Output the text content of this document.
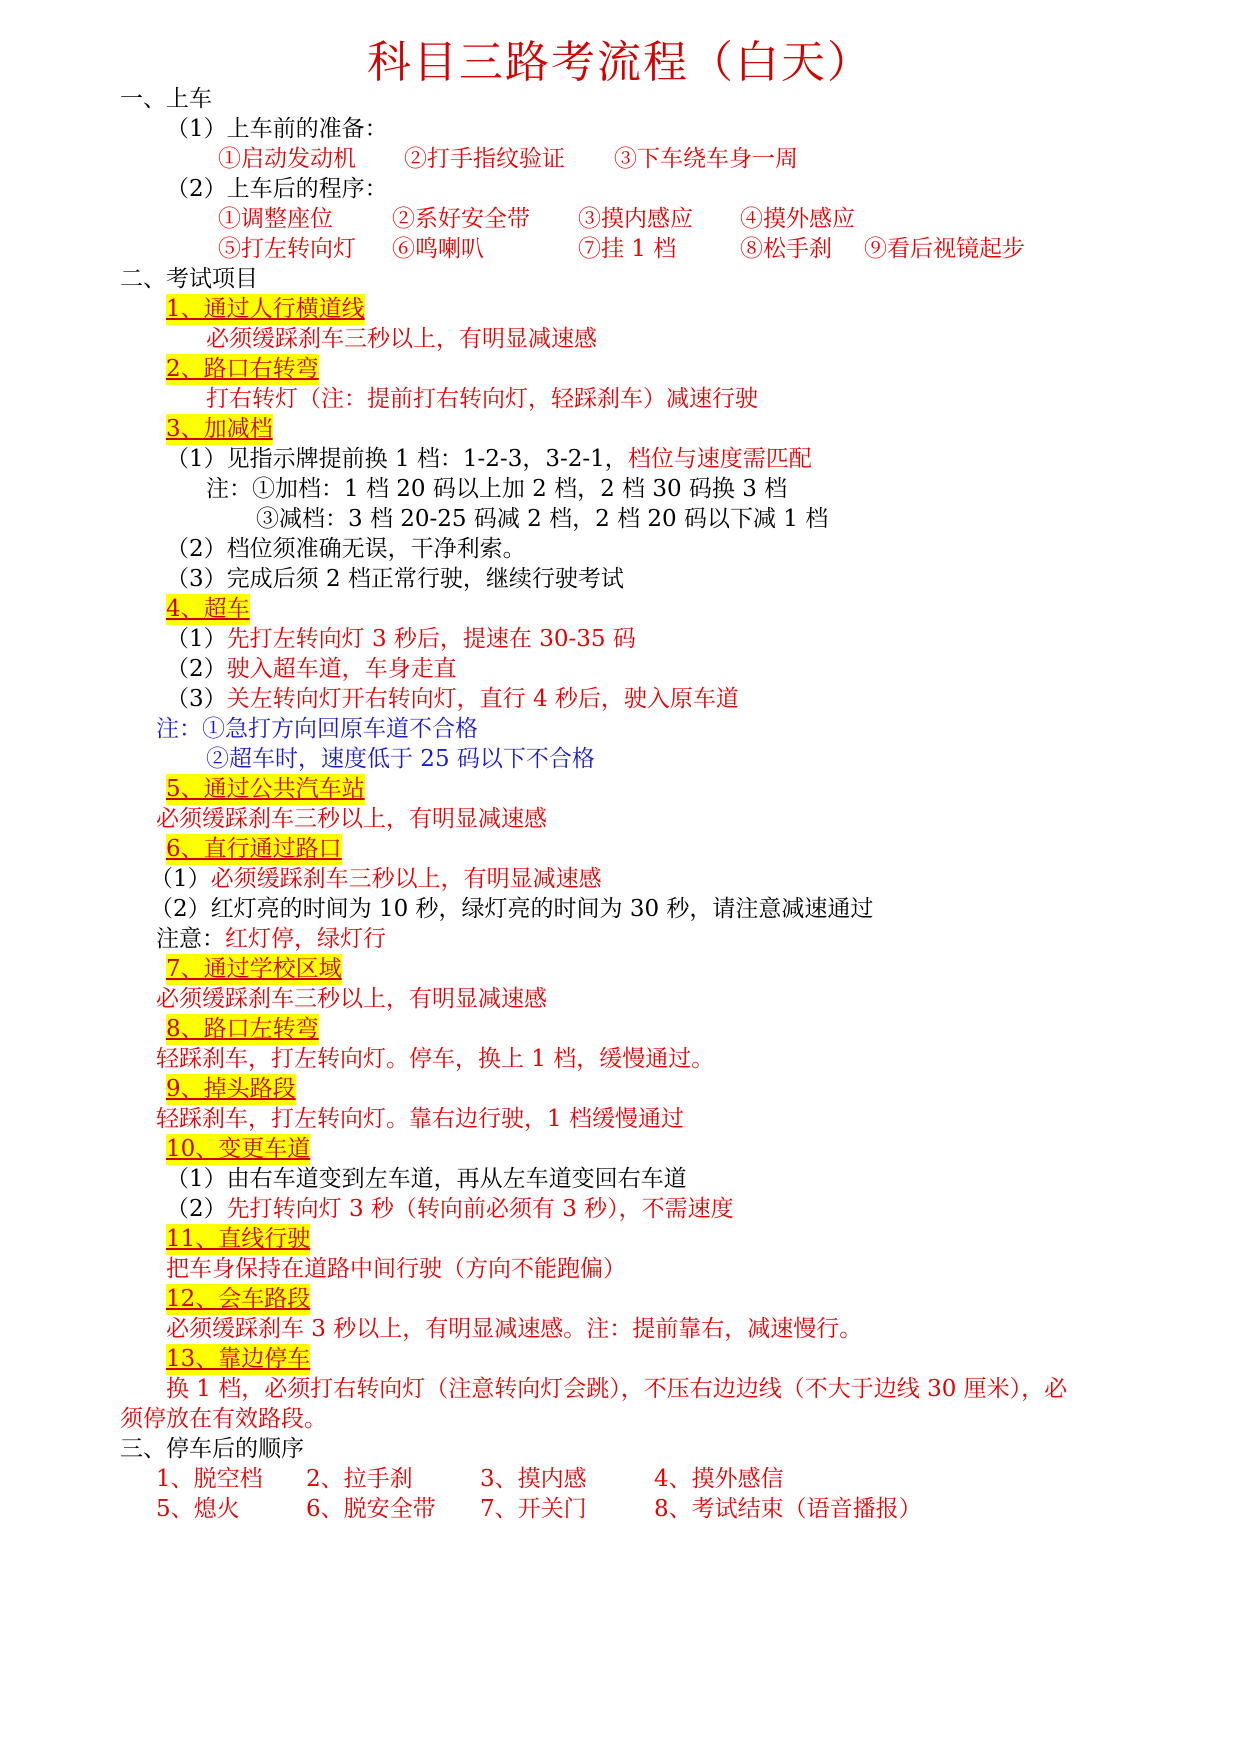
科目三路考流程（白天）
一、上车
（1）上车前的准备：
①启动发动机 ②打手指纹验证 ③下车绕车身一周
（2）上车后的程序：
①调整座位	②系好安全带 ③摸内感应 ④摸外感应
⑤打左转向灯 ⑥鸣喇叭	⑦挂 1 档	⑧松手刹 ⑨看后视镜起步
二、考试项目
1、通过人行横道线
必须缓踩刹车三秒以上，有明显减速感
2、路口右转弯
打右转灯（注：提前打右转向灯，轻踩刹车）减速行驶
3、加减档
（1）见指示牌提前换 1 档：1-2-3，3-2-1，档位与速度需匹配
注：①加档：1 档 20 码以上加 2 档，2 档 30 码换 3 档
③减档：3 档 20-25 码减 2 档，2 档 20 码以下减 1 档
（2）档位须准确无误，干净利索。
（3）完成后须 2 档正常行驶，继续行驶考试
4、超车
（1）先打左转向灯 3 秒后，提速在 30-35 码
（2）驶入超车道，车身走直
（3）关左转向灯开右转向灯，直行 4 秒后，驶入原车道
注：①急打方向回原车道不合格
②超车时，速度低于 25 码以下不合格
5、通过公共汽车站
必须缓踩刹车三秒以上，有明显减速感
6、直行通过路口
（1）必须缓踩刹车三秒以上，有明显减速感
（2）红灯亮的时间为 10 秒，绿灯亮的时间为 30 秒，请注意减速通过
注意：红灯停，绿灯行
7、通过学校区域
必须缓踩刹车三秒以上，有明显减速感
8、路口左转弯
轻踩刹车，打左转向灯。停车，换上 1 档，缓慢通过。
9、掉头路段
轻踩刹车，打左转向灯。靠右边行驶，1 档缓慢通过
10、变更车道
（1）由右车道变到左车道，再从左车道变回右车道
（2）先打转向灯 3 秒（转向前必须有 3 秒），不需速度
11、直线行驶
把车身保持在道路中间行驶（方向不能跑偏）
12、会车路段
必须缓踩刹车 3 秒以上，有明显减速感。注：提前靠右，减速慢行。
13、靠边停车
换 1 档，必须打右转向灯（注意转向灯会跳），不压右边边线（不大于边线 30 厘米），必
须停放在有效路段。
三、停车后的顺序
1、脱空档 2、拉手刹	3、摸内感	4、摸外感信
5、熄火	6、脱安全带 7、开关门	8、考试结束（语音播报）
